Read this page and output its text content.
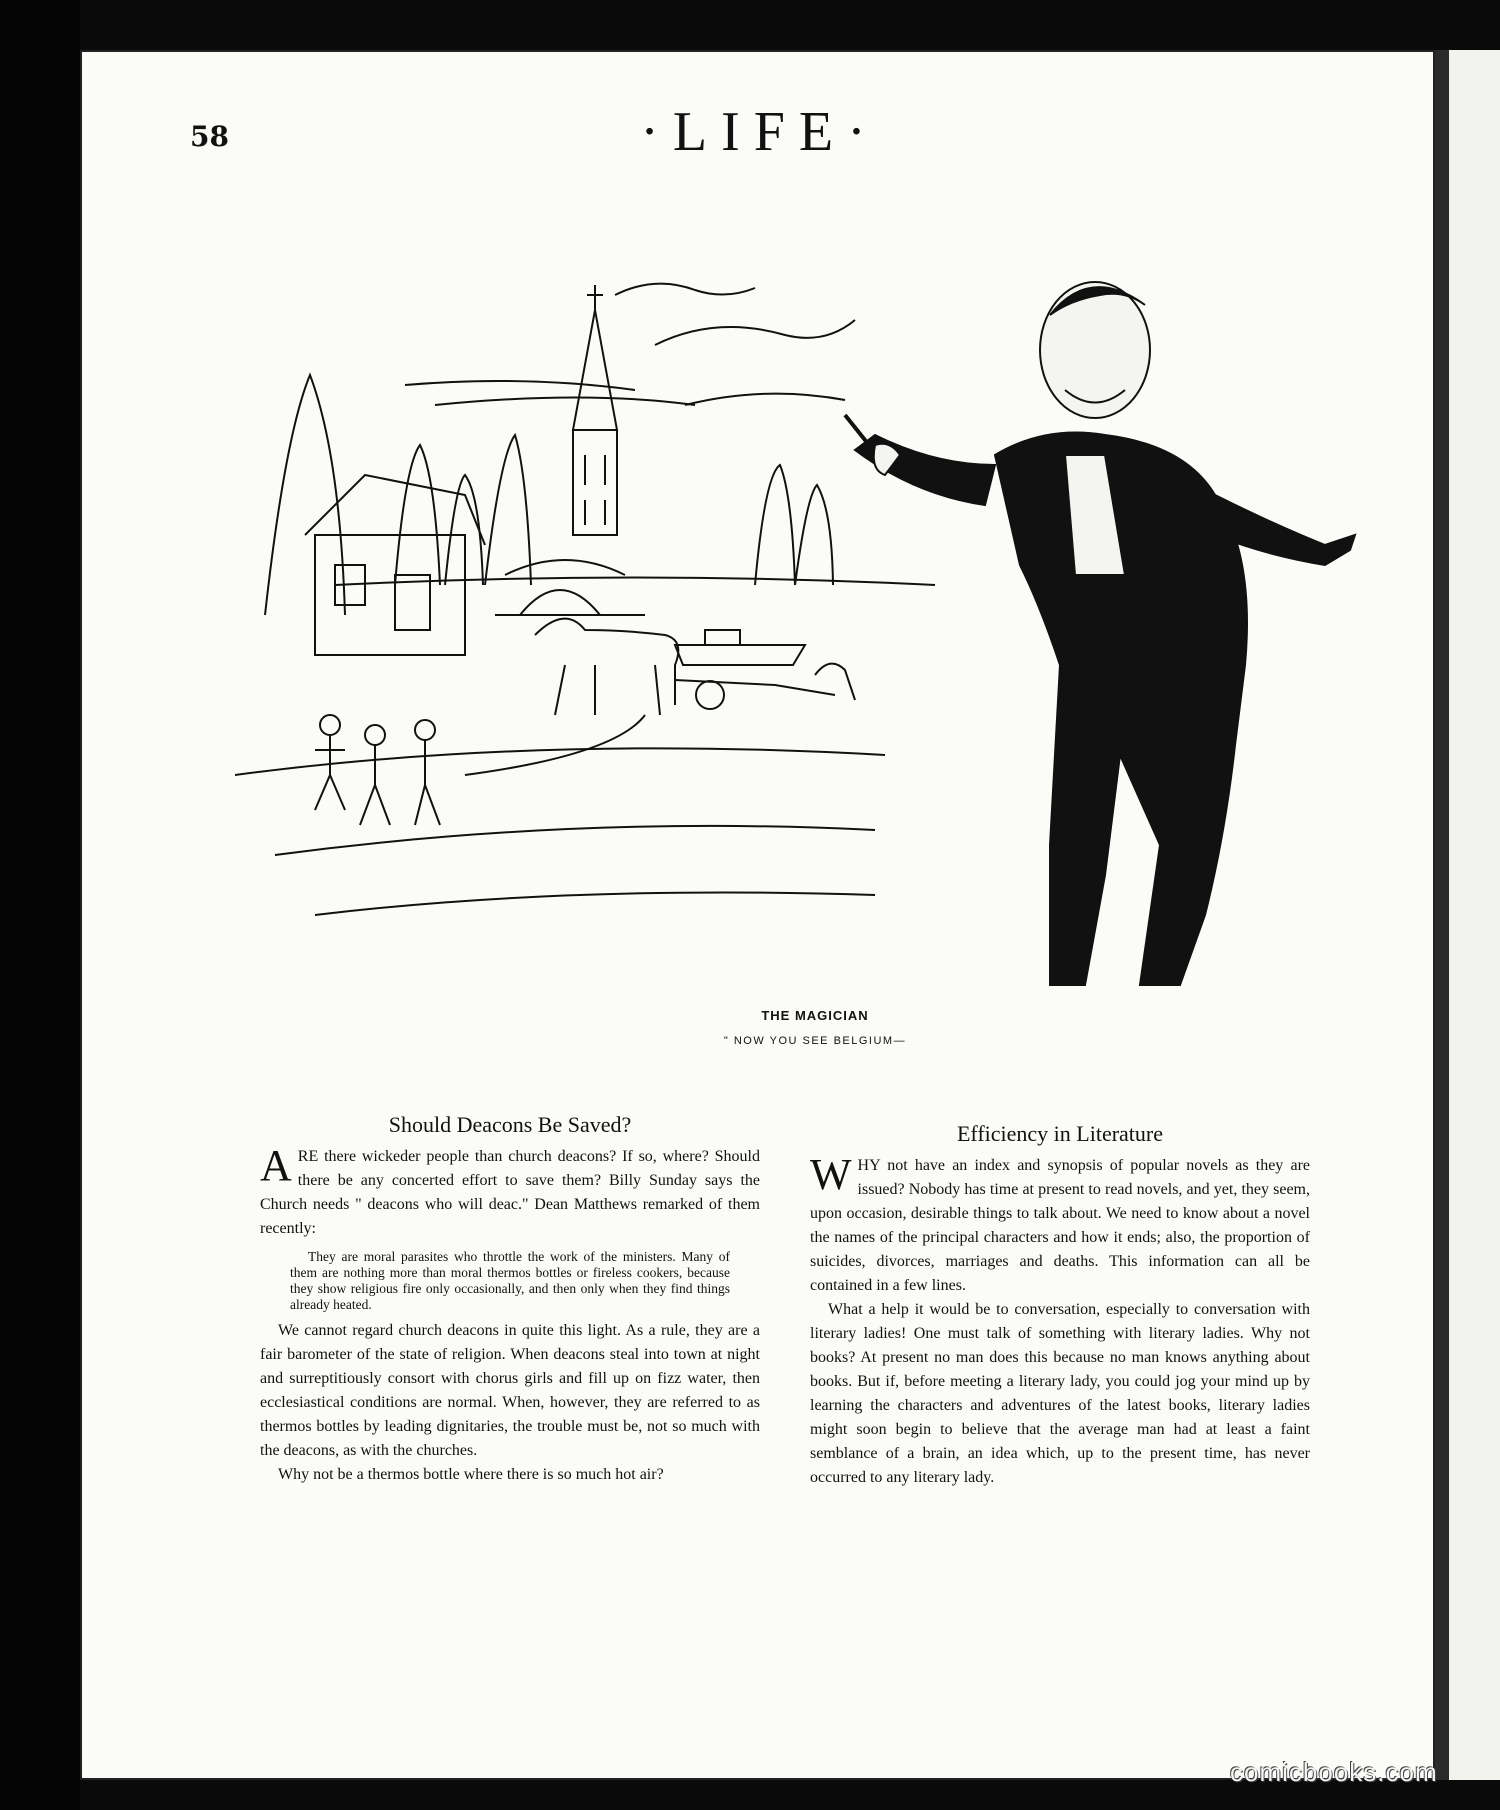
58	·LIFE·
THE MAGICIAN
" NOW YOU SEE BELGIUM—
Should Deacons Be Saved?

ARE there wickeder people than church deacons? If so, where? Should there be any concerted effort to save them? Billy Sunday says the Church needs " deacons who will deac." Dean Matthews remarked of them recently:

They are moral parasites who throttle the work of the ministers. Many of them are nothing more than moral thermos bottles or fireless cookers, because they show religious fire only occasionally, and then only when they find things already heated.

We cannot regard church deacons in quite this light. As a rule, they are a fair barometer of the state of religion. When deacons steal into town at night and surreptitiously consort with chorus girls and fill up on fizz water, then ecclesiastical conditions are normal. When, however, they are referred to as thermos bottles by leading dignitaries, the trouble must be, not so much with the deacons, as with the churches.

Why not be a thermos bottle where there is so much hot air?

Efficiency in Literature

WHY not have an index and synopsis of popular novels as they are issued? Nobody has time at present to read novels, and yet, they seem, upon occasion, desirable things to talk about. We need to know about a novel the names of the principal characters and how it ends; also, the proportion of suicides, divorces, marriages and deaths. This information can all be contained in a few lines.

What a help it would be to conversation, especially to conversation with literary ladies! One must talk of something with literary ladies. Why not books? At present no man does this because no man knows anything about books. But if, before meeting a literary lady, you could jog your mind up by learning the characters and adventures of the latest books, literary ladies might soon begin to believe that the average man had at least a faint semblance of a brain, an idea which, up to the present time, has never occurred to any literary lady.

comicbooks.com
